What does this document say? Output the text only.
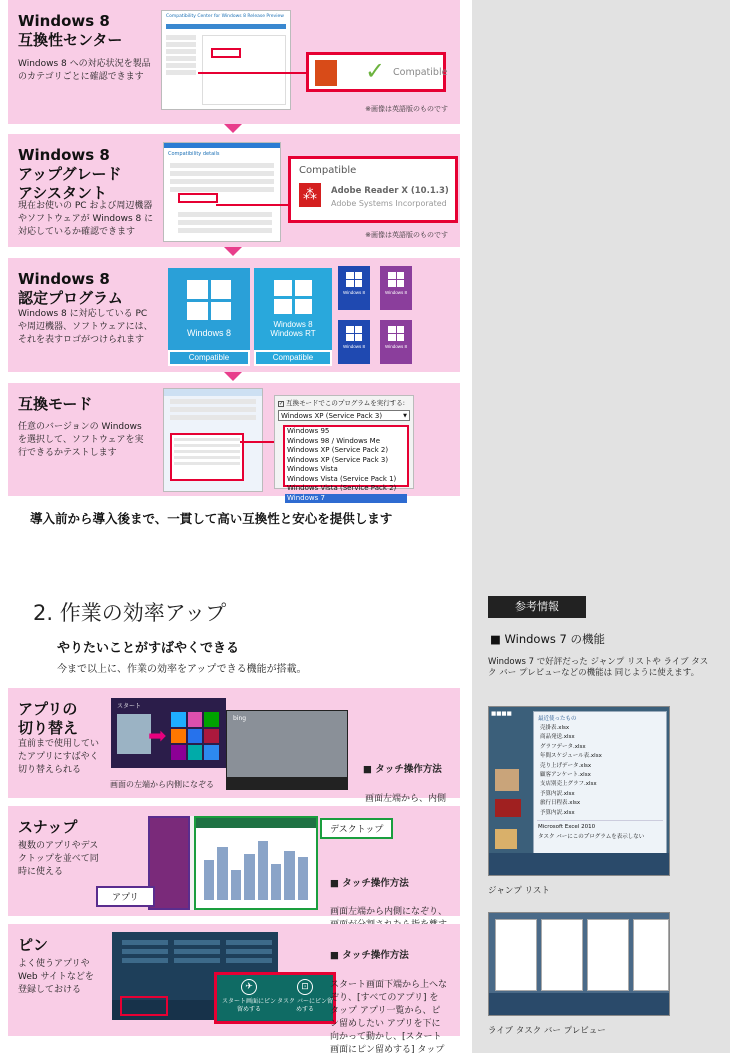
Windows 8
互換性センター
Windows 8 への対応状況を製品
のカテゴリごとに確認できます
Compatibility Center for Windows 8 Release Preview
✓ Compatible
※画像は英語版のものです
Windows 8
アップグレード
アシスタント
現在お使いの PC および周辺機器
やソフトウェアが Windows 8 に
対応しているか確認できます
Compatibility details
Compatible
⁂	Adobe Reader X (10.1.3)
Adobe Systems Incorporated
※画像は英語版のものです
Windows 8
認定プログラム
Windows 8 に対応している PC
や周辺機器、ソフトウェアには、
それを表すロゴがつけられます
Windows 8
Compatible
Windows 8
Windows RT
Compatible
Windows 8	Windows 8
Windows 8	Windows 8
互換モード
任意のバージョンの Windows
を選択して、ソフトウェアを実
行できるかテストします
✓ 互換モードでこのプログラムを実行する:
Windows XP (Service Pack 3)	▼
Windows 95
Windows 98 / Windows Me
Windows XP (Service Pack 2)
Windows XP (Service Pack 3)
Windows Vista
Windows Vista (Service Pack 1)
Windows Vista (Service Pack 2)
Windows 7
導入前から導入後まで、一貫して高い互換性と安心を提供します
2. 作業の効率アップ
やりたいことがすばやくできる
今まで以上に、作業の効率をアップできる機能が搭載。
アプリの
切り替え
直前まで使用してい
たアプリにすばやく
切り替えられる
スタート
➡
bing
画面の左端から内側になぞる

■ タッチ操作方法

画面左端から、内側

スナップ
複数のアプリやデス
クトップを並べて同
時に使える
デスクトップ
アプリ

■ タッチ操作方法

画面左端から内側になぞり、

ピン
よく使うアプリや
Web サイトなどを
登録しておける	✈
スタート画面にピン
留めする
⊡
タスク バーにピン留
めする

■ タッチ操作方法

スタート画面下端から上へな
ぞり、[すべてのアプリ] を
タップ アプリ一覧から、ピ
ン留めしたい アプリを下に
向かって動かし、[スタート
画面にピン留めする] タップ

参考情報
■ Windows 7 の機能
Windows 7 で好評だった ジャンプ リストや ライブ タスク バー プレビューなどの機能は 同じように使えます。
■■■■
最近使ったもの
売掛表.xlsx
商品発送.xlsx
グラフデータ.xlsx
年間スケジュール表.xlsx
売り上げデータ.xlsx
顧客アンケート.xlsx
支店別売上グラフ.xlsx
予算内訳.xlsx
旅行日程表.xlsx
予算内訳.xlsx
Microsoft Excel 2010
タスク バーにこのプログラムを表示しない
ジャンプ リスト
ライブ タスク バー プレビュー
